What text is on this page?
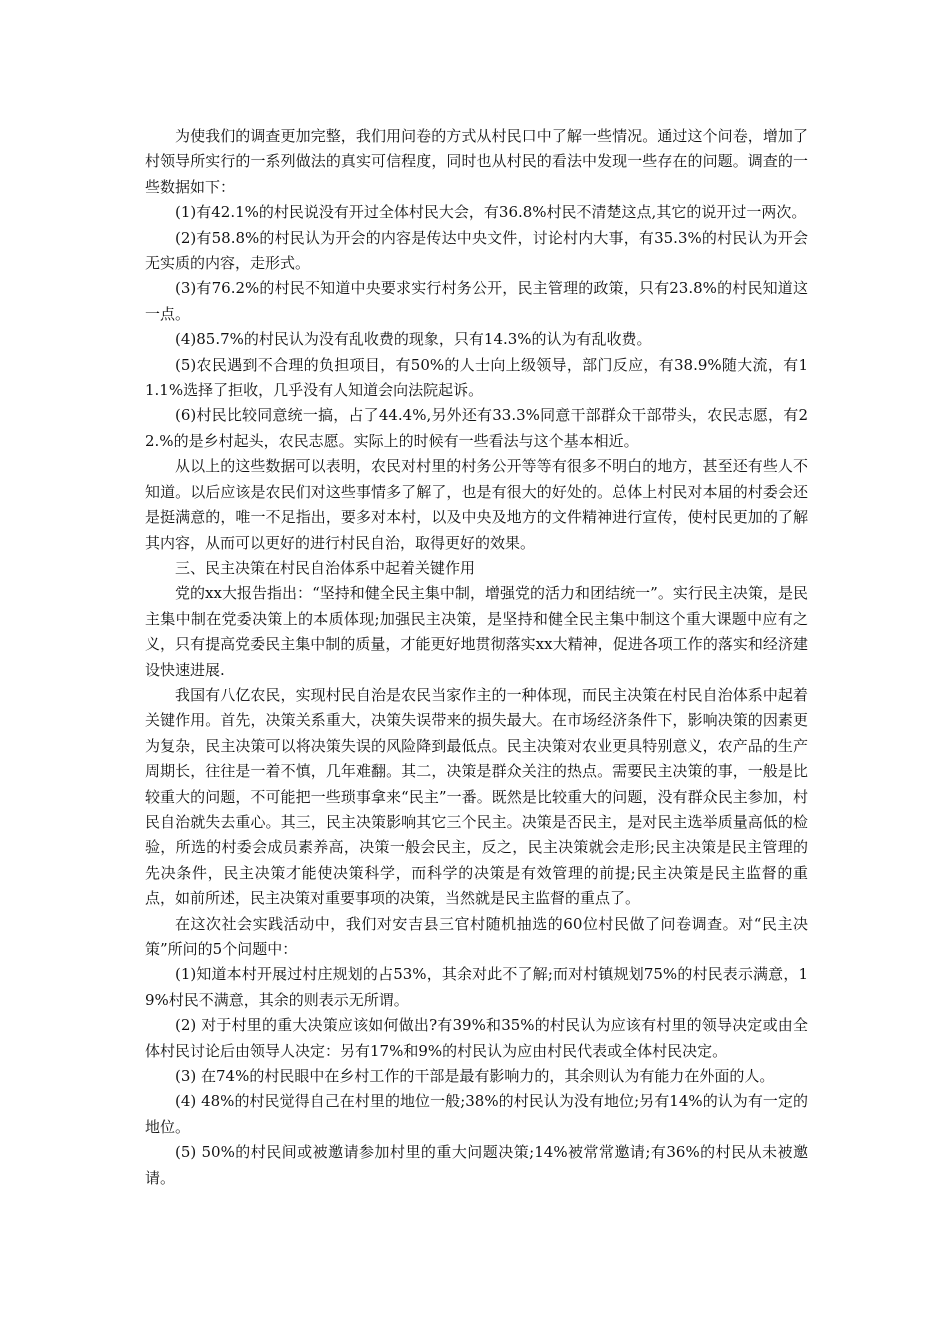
为使我们的调查更加完整，我们用问卷的方式从村民口中了解一些情况。通过这个问卷，增加了村领导所实行的一系列做法的真实可信程度，同时也从村民的看法中发现一些存在的问题。调查的一些数据如下：

(1)有42.1%的村民说没有开过全体村民大会，有36.8%村民不清楚这点,其它的说开过一两次。

(2)有58.8%的村民认为开会的内容是传达中央文件，讨论村内大事，有35.3%的村民认为开会无实质的内容，走形式。

(3)有76.2%的村民不知道中央要求实行村务公开，民主管理的政策，只有23.8%的村民知道这一点。

(4)85.7%的村民认为没有乱收费的现象，只有14.3%的认为有乱收费。

(5)农民遇到不合理的负担项目，有50%的人士向上级领导，部门反应，有38.9%随大流，有11.1%选择了拒收，几乎没有人知道会向法院起诉。

(6)村民比较同意统一搞，占了44.4%,另外还有33.3%同意干部群众干部带头，农民志愿，有22.%的是乡村起头，农民志愿。实际上的时候有一些看法与这个基本相近。

从以上的这些数据可以表明，农民对村里的村务公开等等有很多不明白的地方，甚至还有些人不知道。以后应该是农民们对这些事情多了解了，也是有很大的好处的。总体上村民对本届的村委会还是挺满意的，唯一不足指出，要多对本村，以及中央及地方的文件精神进行宣传，使村民更加的了解其内容，从而可以更好的进行村民自治，取得更好的效果。

三、民主决策在村民自治体系中起着关键作用

党的xx大报告指出：“坚持和健全民主集中制，增强党的活力和团结统一”。实行民主决策，是民主集中制在党委决策上的本质体现;加强民主决策，是坚持和健全民主集中制这个重大课题中应有之义，只有提高党委民主集中制的质量，才能更好地贯彻落实xx大精神，促进各项工作的落实和经济建设快速进展.

我国有八亿农民，实现村民自治是农民当家作主的一种体现，而民主决策在村民自治体系中起着关键作用。首先，决策关系重大，决策失误带来的损失最大。在市场经济条件下，影响决策的因素更为复杂，民主决策可以将决策失误的风险降到最低点。民主决策对农业更具特别意义，农产品的生产周期长，往往是一着不慎，几年难翻。其二，决策是群众关注的热点。需要民主决策的事，一般是比较重大的问题，不可能把一些琐事拿来“民主”一番。既然是比较重大的问题，没有群众民主参加，村民自治就失去重心。其三，民主决策影响其它三个民主。决策是否民主，是对民主选举质量高低的检验，所选的村委会成员素养高，决策一般会民主，反之，民主决策就会走形;民主决策是民主管理的先决条件，民主决策才能使决策科学，而科学的决策是有效管理的前提;民主决策是民主监督的重点，如前所述，民主决策对重要事项的决策，当然就是民主监督的重点了。

在这次社会实践活动中，我们对安吉县三官村随机抽选的60位村民做了问卷调查。对“民主决策”所问的5个问题中：

(1)知道本村开展过村庄规划的占53%，其余对此不了解;而对村镇规划75%的村民表示满意，19%村民不满意，其余的则表示无所谓。

(2) 对于村里的重大决策应该如何做出?有39%和35%的村民认为应该有村里的领导决定或由全体村民讨论后由领导人决定：另有17%和9%的村民认为应由村民代表或全体村民决定。

(3) 在74%的村民眼中在乡村工作的干部是最有影响力的，其余则认为有能力在外面的人。

(4) 48%的村民觉得自己在村里的地位一般;38%的村民认为没有地位;另有14%的认为有一定的地位。

(5) 50%的村民间或被邀请参加村里的重大问题决策;14%被常常邀请;有36%的村民从未被邀请。
